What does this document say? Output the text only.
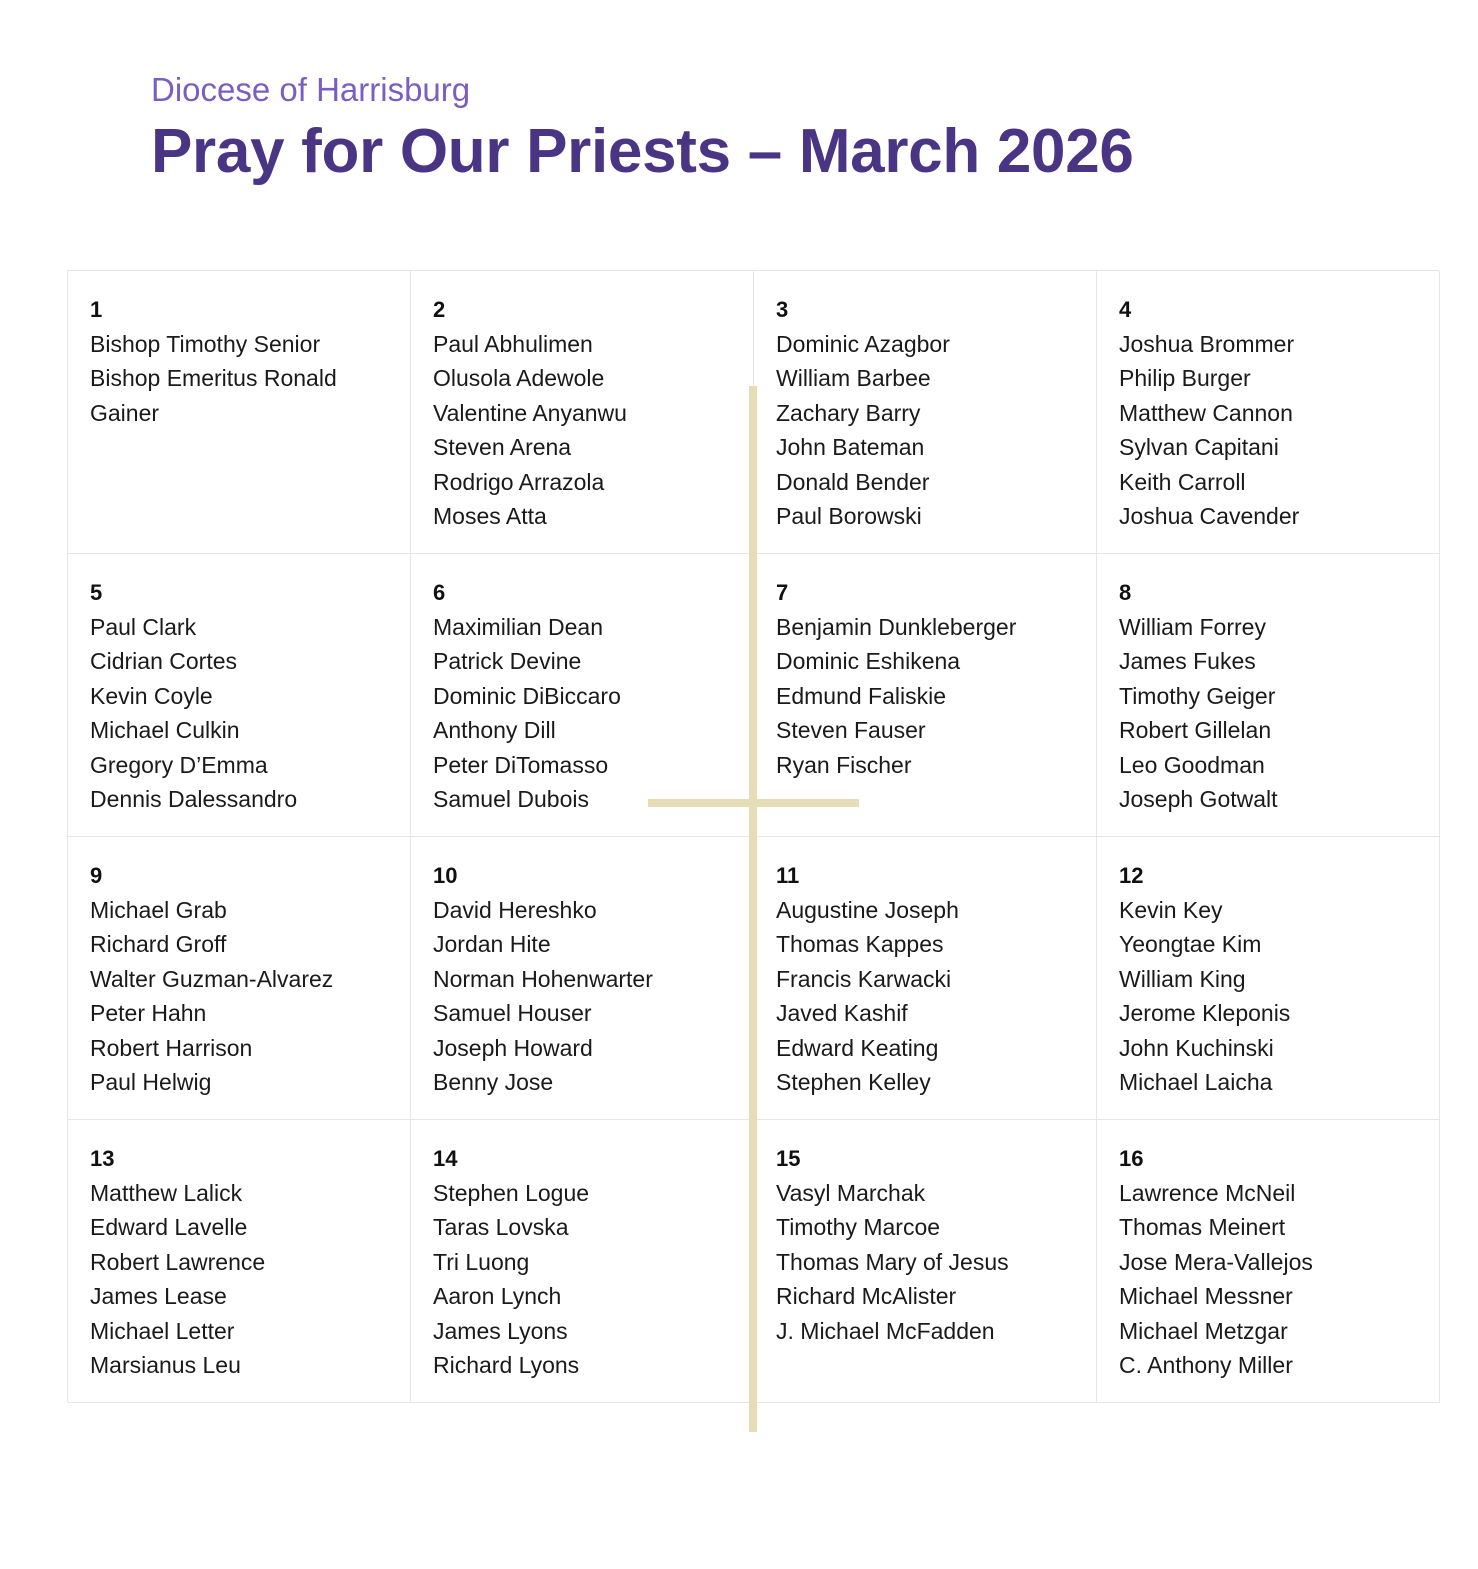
Diocese of Harrisburg
Pray for Our Priests – March 2026
1
Bishop Timothy Senior
Bishop Emeritus Ronald Gainer
2
Paul Abhulimen
Olusola Adewole
Valentine Anyanwu
Steven Arena
Rodrigo Arrazola
Moses Atta
3
Dominic Azagbor
William Barbee
Zachary Barry
John Bateman
Donald Bender
Paul Borowski
4
Joshua Brommer
Philip Burger
Matthew Cannon
Sylvan Capitani
Keith Carroll
Joshua Cavender
5
Paul Clark
Cidrian Cortes
Kevin Coyle
Michael Culkin
Gregory D’Emma
Dennis Dalessandro
6
Maximilian Dean
Patrick Devine
Dominic DiBiccaro
Anthony Dill
Peter DiTomasso
Samuel Dubois
7
Benjamin Dunkleberger
Dominic Eshikena
Edmund Faliskie
Steven Fauser
Ryan Fischer
8
William Forrey
James Fukes
Timothy Geiger
Robert Gillelan
Leo Goodman
Joseph Gotwalt
9
Michael Grab
Richard Groff
Walter Guzman-Alvarez
Peter Hahn
Robert Harrison
Paul Helwig
10
David Hereshko
Jordan Hite
Norman Hohenwarter
Samuel Houser
Joseph Howard
Benny Jose
11
Augustine Joseph
Thomas Kappes
Francis Karwacki
Javed Kashif
Edward Keating
Stephen Kelley
12
Kevin Key
Yeongtae Kim
William King
Jerome Kleponis
John Kuchinski
Michael Laicha
13
Matthew Lalick
Edward Lavelle
Robert Lawrence
James Lease
Michael Letter
Marsianus Leu
14
Stephen Logue
Taras Lovska
Tri Luong
Aaron Lynch
James Lyons
Richard Lyons
15
Vasyl Marchak
Timothy Marcoe
Thomas Mary of Jesus
Richard McAlister
J. Michael McFadden
16
Lawrence McNeil
Thomas Meinert
Jose Mera-Vallejos
Michael Messner
Michael Metzgar
C. Anthony Miller
